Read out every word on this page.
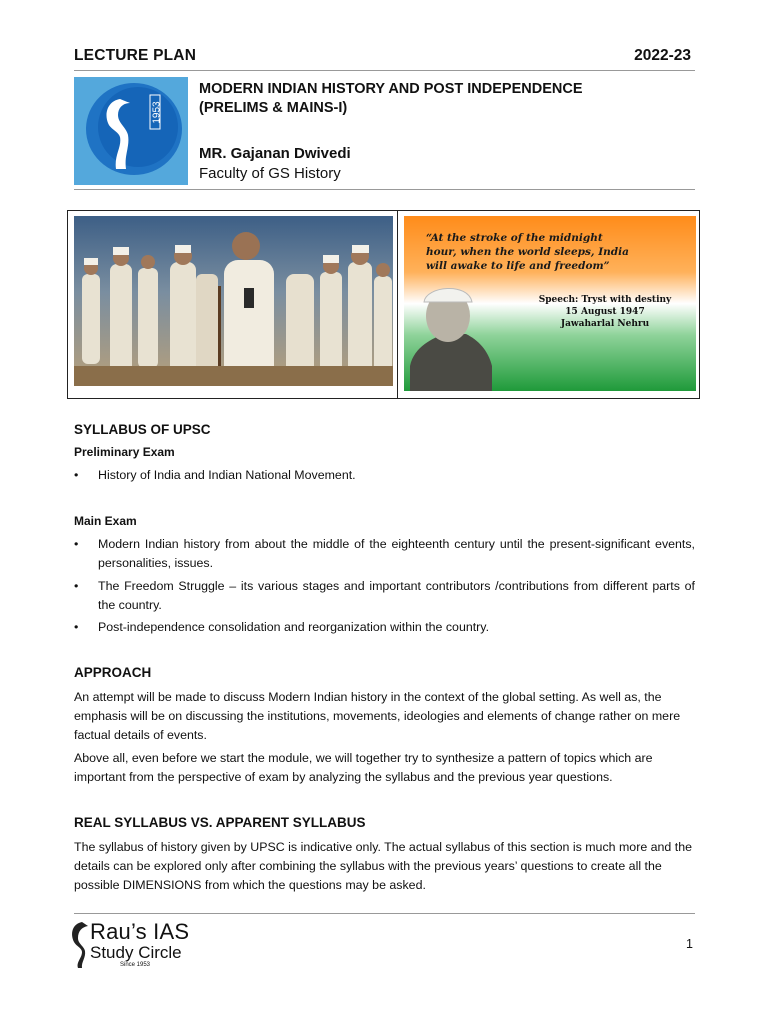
LECTURE PLAN	2022-23
1953
MODERN INDIAN HISTORY AND POST INDEPENDENCE
(PRELIMS & MAINS-I)
MR. Gajanan Dwivedi
Faculty of GS History
“At the stroke of the midnight
hour, when the world sleeps, India
will awake to life and freedom”
Speech: Tryst with destiny
15 August 1947
Jawaharlal Nehru
SYLLABUS OF UPSC
Preliminary Exam
• History of India and Indian National Movement.
Main Exam
• Modern Indian history from about the middle of the eighteenth century until the present-significant events, personalities, issues.
• The Freedom Struggle – its various stages and important contributors /contributions from different parts of the country.
• Post-independence consolidation and reorganization within the country.
APPROACH
An attempt will be made to discuss Modern Indian history in the context of the global setting. As well as, the emphasis will be on discussing the institutions, movements, ideologies and elements of change rather on mere factual details of events.
Above all, even before we start the module, we will together try to synthesize a pattern of topics which are important from the perspective of exam by analyzing the syllabus and the previous year questions.
REAL SYLLABUS VS. APPARENT SYLLABUS
The syllabus of history given by UPSC is indicative only. The actual syllabus of this section is much more and the details can be explored only after combining the syllabus with the previous years’ questions to create all the possible DIMENSIONS from which the questions may be asked.
Rau’s IAS
Study Circle
Since 1953
1
